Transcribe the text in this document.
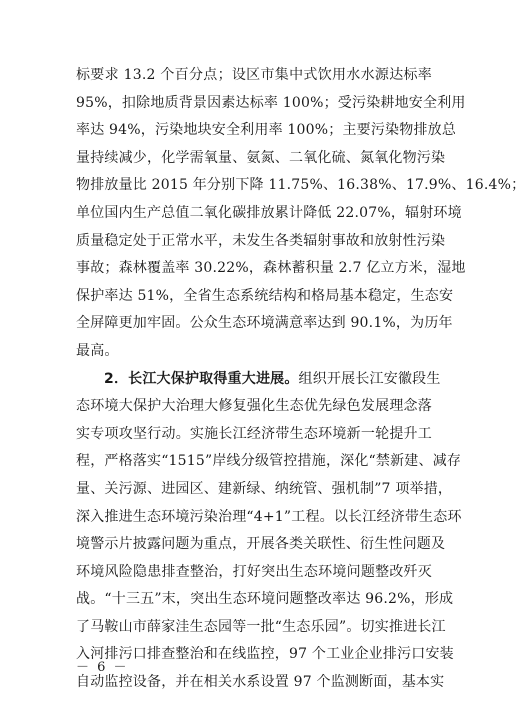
标要求 13.2 个百分点；设区市集中式饮用水水源达标率
95%，扣除地质背景因素达标率 100%；受污染耕地安全利用
率达 94%，污染地块安全利用率 100%；主要污染物排放总
量持续减少，化学需氧量、氨氮、二氧化硫、氮氧化物污染
物排放量比 2015 年分别下降 11.75%、16.38%、17.9%、16.4%；
单位国内生产总值二氧化碳排放累计降低 22.07%，辐射环境
质量稳定处于正常水平，未发生各类辐射事故和放射性污染
事故；森林覆盖率 30.22%，森林蓄积量 2.7 亿立方米，湿地
保护率达 51%，全省生态系统结构和格局基本稳定，生态安
全屏障更加牢固。公众生态环境满意率达到 90.1%，为历年
最高。
2．长江大保护取得重大进展。组织开展长江安徽段生
态环境大保护大治理大修复强化生态优先绿色发展理念落
实专项攻坚行动。实施长江经济带生态环境新一轮提升工
程，严格落实“1515”岸线分级管控措施，深化“禁新建、减存
量、关污源、进园区、建新绿、纳统管、强机制”7 项举措，
深入推进生态环境污染治理“4+1”工程。以长江经济带生态环
境警示片披露问题为重点，开展各类关联性、衍生性问题及
环境风险隐患排查整治，打好突出生态环境问题整改歼灭
战。“十三五”末，突出生态环境问题整改率达 96.2%，形成
了马鞍山市薛家洼生态园等一批“生态乐园”。切实推进长江
入河排污口排查整治和在线监控，97 个工业企业排污口安装
自动监控设备，并在相关水系设置 97 个监测断面，基本实
－ 6 －
